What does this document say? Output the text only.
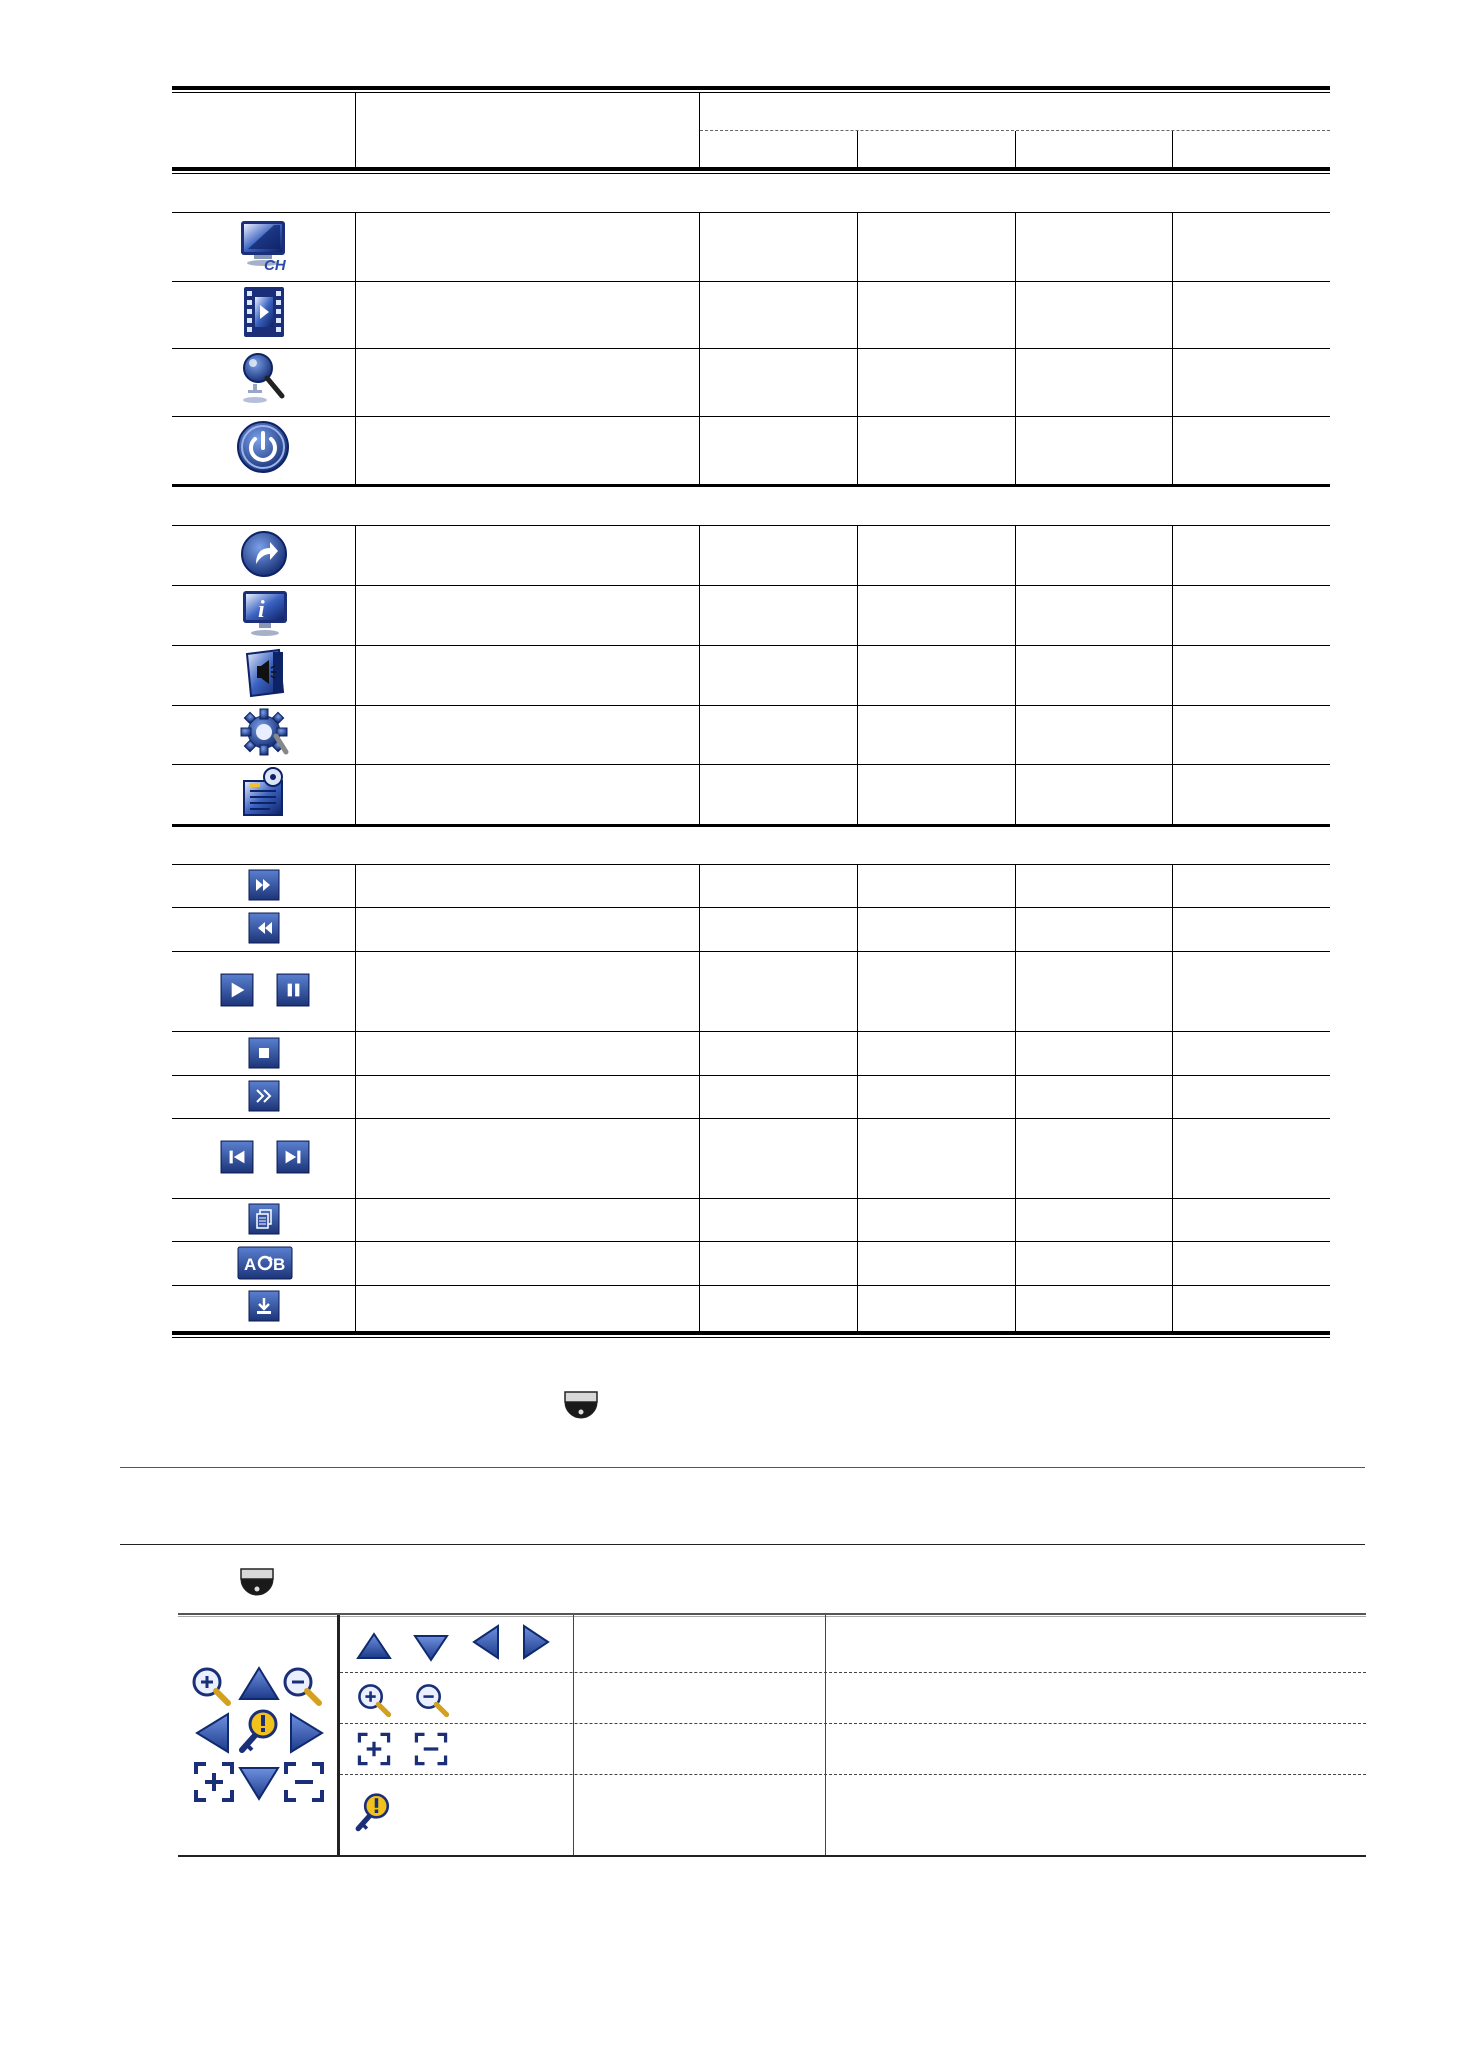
CH
i
A B
